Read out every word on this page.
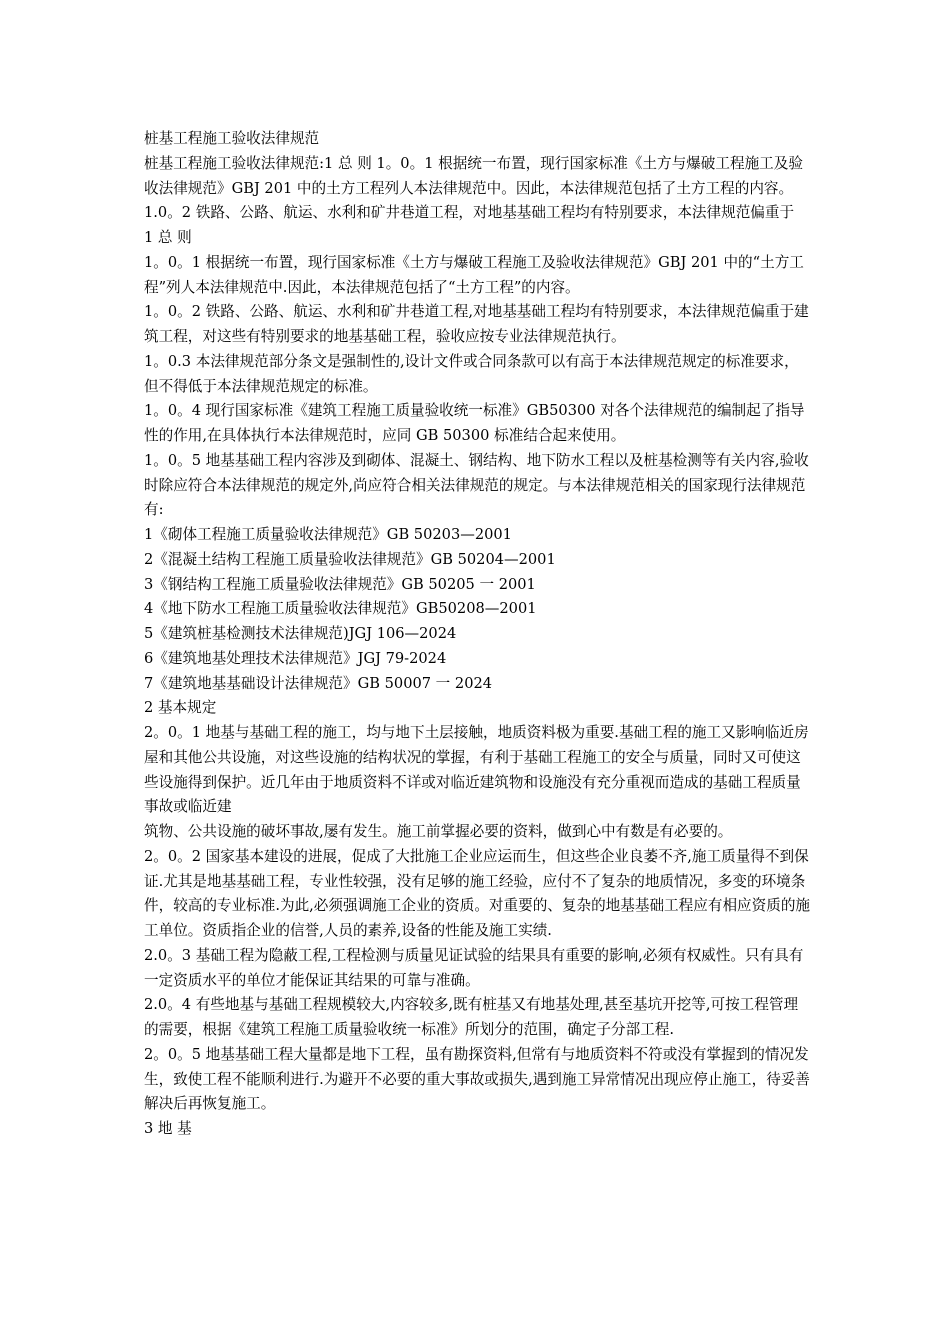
桩基工程施工验收法律规范

桩基工程施工验收法律规范:1 总 则 1。0。1 根据统一布置，现行国家标准《土方与爆破工程施工及验 收法律规范》GBJ 201 中的土方工程列人本法律规范中。因此，本法律规范包括了土方工程的内容。 1.0。2 铁路、公路、航运、水利和矿井巷道工程，对地基基础工程均有特别要求，本法律规范偏重于

1 总 则

1。0。1 根据统一布置，现行国家标准《土方与爆破工程施工及验收法律规范》GBJ 201 中的“土方工程”列人本法律规范中.因此，本法律规范包括了“土方工程”的内容。

1。0。2 铁路、公路、航运、水利和矿井巷道工程,对地基基础工程均有特别要求，本法律规范偏重于建筑工程，对这些有特别要求的地基基础工程，验收应按专业法律规范执行。

1。0.3 本法律规范部分条文是强制性的,设计文件或合同条款可以有高于本法律规范规定的标准要求，但不得低于本法律规范规定的标准。

1。0。4 现行国家标准《建筑工程施工质量验收统一标准》GB50300 对各个法律规范的编制起了指导性的作用,在具体执行本法律规范时，应同 GB 50300 标准结合起来使用。

1。0。5 地基基础工程内容涉及到砌体、混凝土、钢结构、地下防水工程以及桩基检测等有关内容,验收时除应符合本法律规范的规定外,尚应符合相关法律规范的规定。与本法律规范相关的国家现行法律规范有:

1《砌体工程施工质量验收法律规范》GB 50203—2001

2《混凝土结构工程施工质量验收法律规范》GB 50204—2001

3《钢结构工程施工质量验收法律规范》GB 50205 一 2001

4《地下防水工程施工质量验收法律规范》GB50208—2001

5《建筑桩基检测技术法律规范)JGJ 106—2024

6《建筑地基处理技术法律规范》JGJ 79-2024

7《建筑地基基础设计法律规范》GB 50007 一 2024

2 基本规定

2。0。1 地基与基础工程的施工，均与地下土层接触，地质资料极为重要.基础工程的施工又影响临近房屋和其他公共设施，对这些设施的结构状况的掌握，有利于基础工程施工的安全与质量，同时又可使这些设施得到保护。近几年由于地质资料不详或对临近建筑物和设施没有充分重视而造成的基础工程质量事故或临近建

筑物、公共设施的破坏事故,屡有发生。施工前掌握必要的资料，做到心中有数是有必要的。

2。0。2 国家基本建设的进展，促成了大批施工企业应运而生，但这些企业良萎不齐,施工质量得不到保证.尤其是地基基础工程，专业性较强，没有足够的施工经验，应付不了复杂的地质情况，多变的环境条件，较高的专业标准.为此,必须强调施工企业的资质。对重要的、复杂的地基基础工程应有相应资质的施工单位。资质指企业的信誉,人员的素养,设备的性能及施工实绩.

2.0。3 基础工程为隐蔽工程,工程检测与质量见证试验的结果具有重要的影响,必须有权威性。只有具有一定资质水平的单位才能保证其结果的可靠与准确。

2.0。4 有些地基与基础工程规模较大,内容较多,既有桩基又有地基处理,甚至基坑开挖等,可按工程管理的需要，根据《建筑工程施工质量验收统一标准》所划分的范围，确定子分部工程.

2。0。5 地基基础工程大量都是地下工程，虽有勘探资料,但常有与地质资料不符或没有掌握到的情况发生，致使工程不能顺利进行.为避开不必要的重大事故或损失,遇到施工异常情况出现应停止施工，待妥善解决后再恢复施工。

3 地 基
